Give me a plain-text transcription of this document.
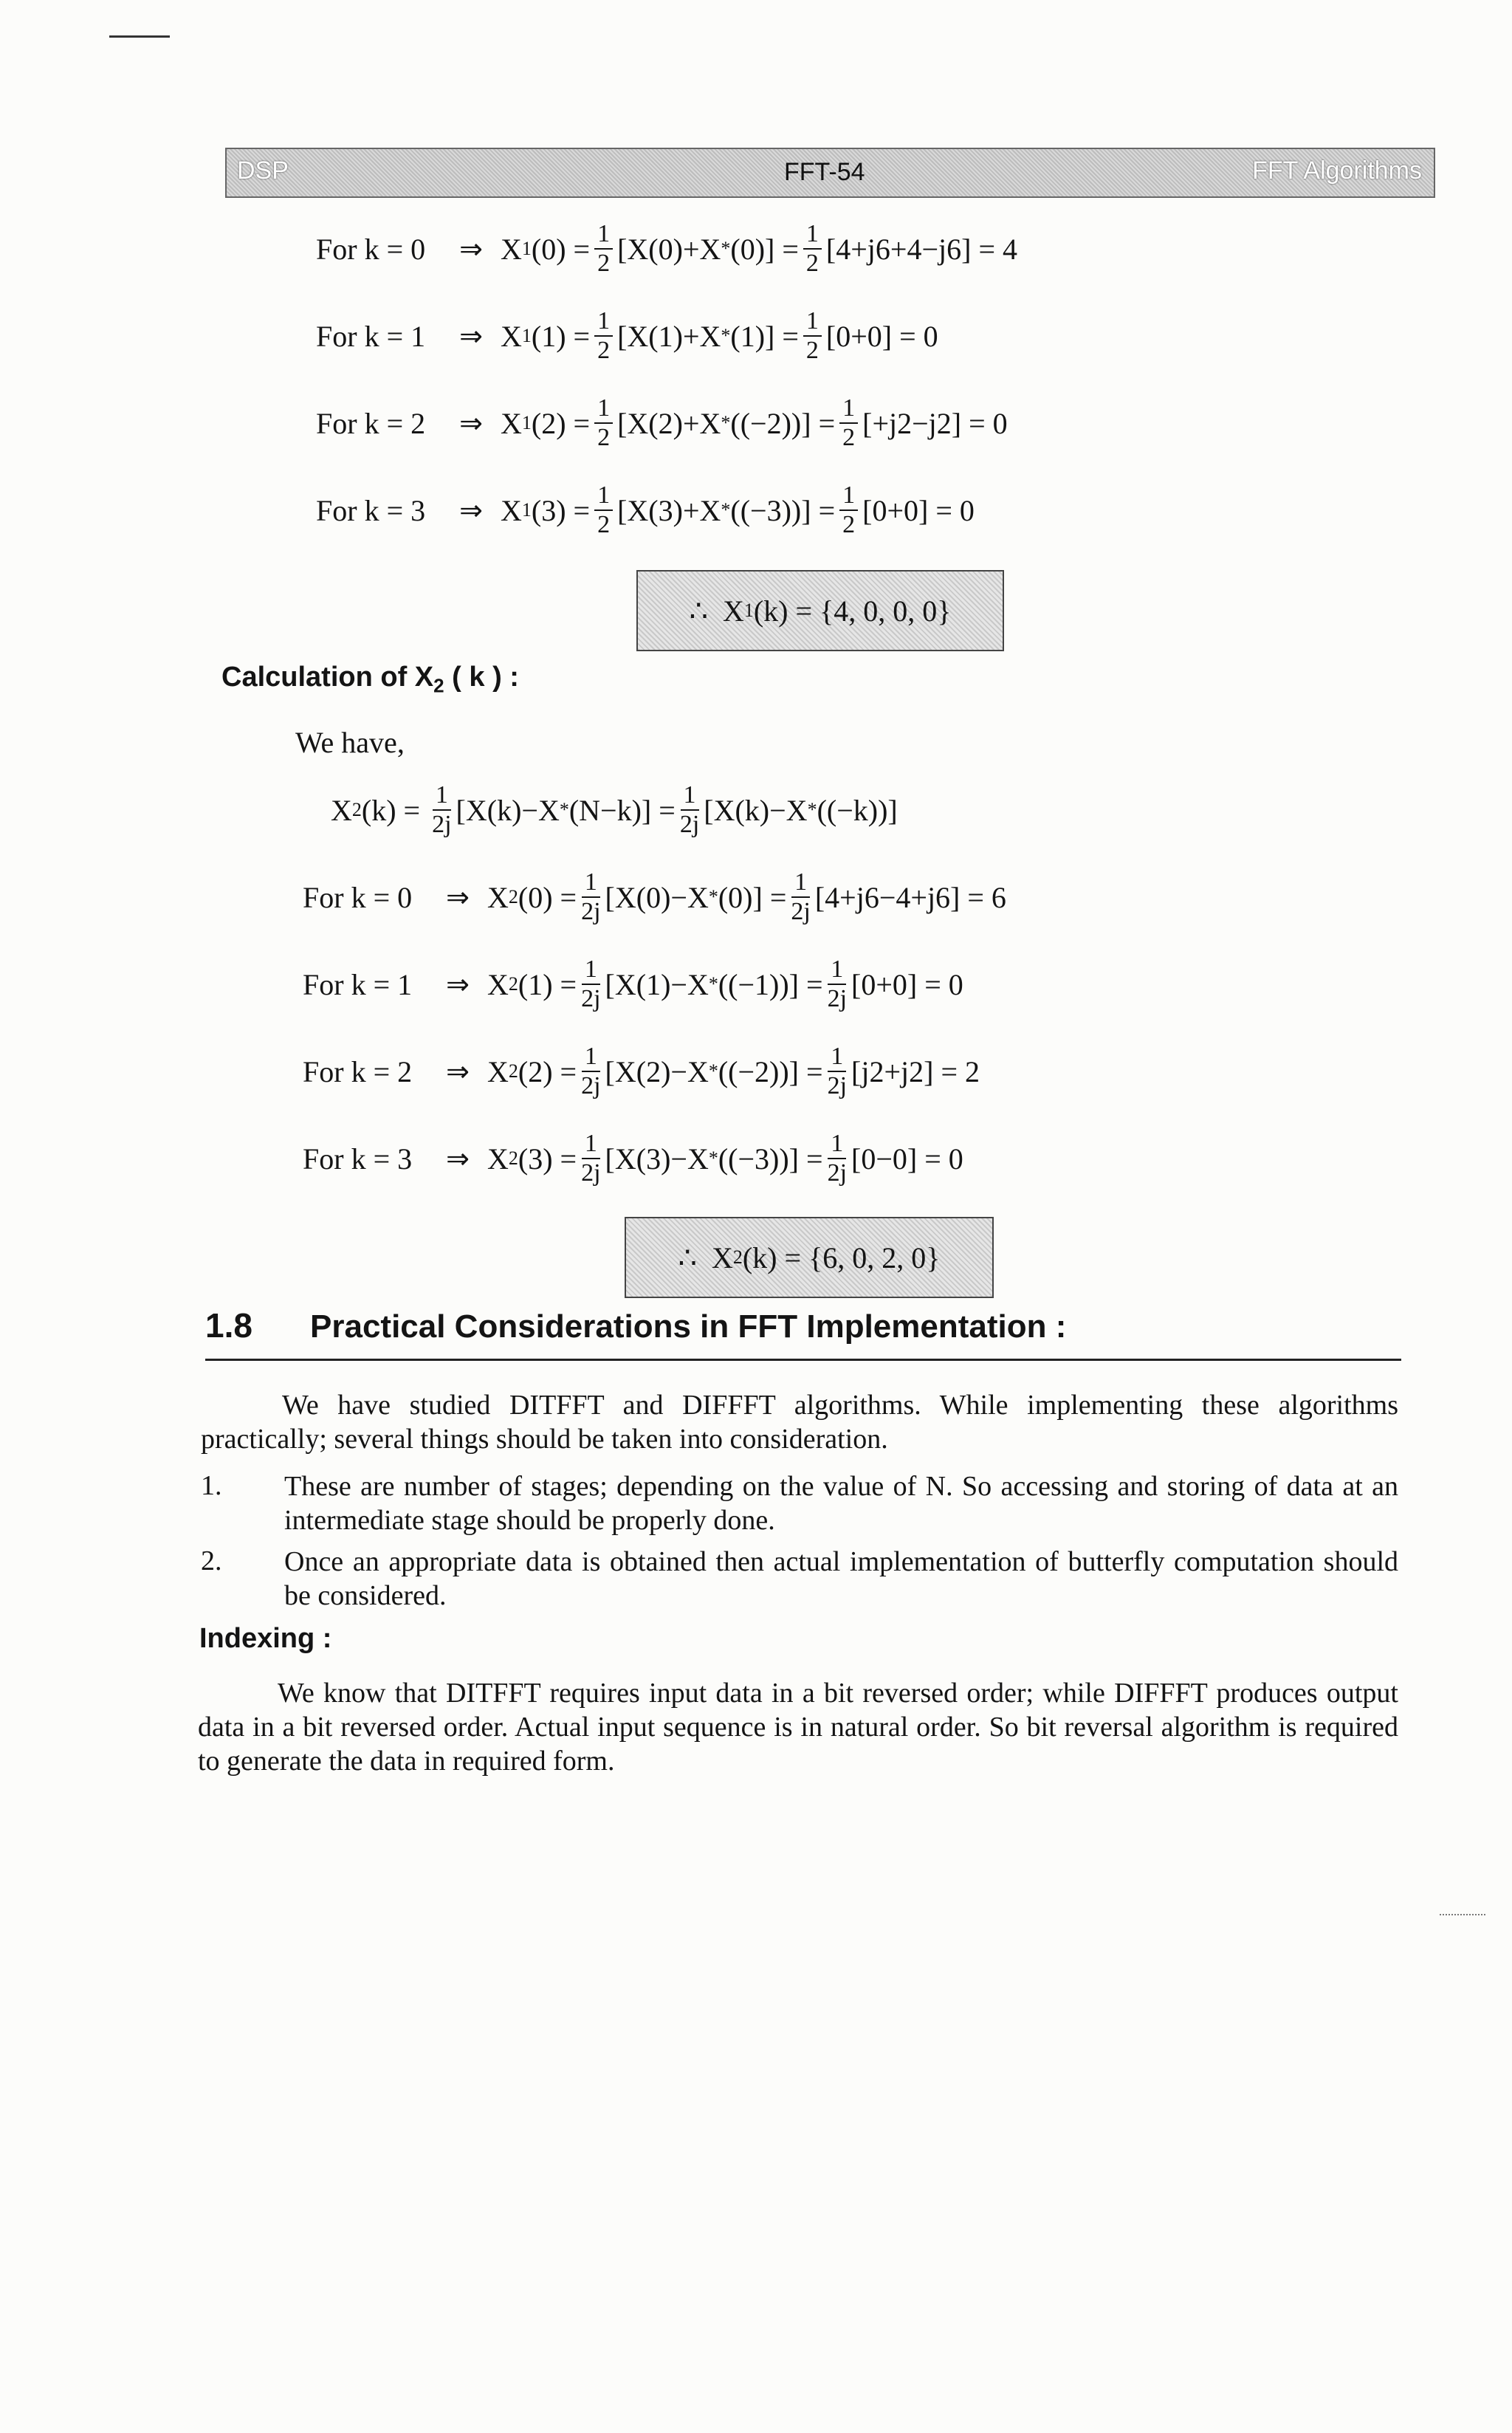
DSP	FFT-54	FFT Algorithms
For k = 0	⇒ X 1 $(0) = \frac{1}{2} [X(0)+X * (0)] = \frac{1}{2} [4+j6+4-j6] = 4$
For k = 1	⇒ X 1 $(1) = \frac{1}{2} [X(1)+X * (1)] = \frac{1}{2} [0+0] = 0$
For k = 2	⇒ X 1 $(2) = \frac{1}{2} [X(2)+X * ((-2))] = \frac{1}{2} [+j2-j2] = 0$
For k = 3	⇒ X 1 $(3) = \frac{1}{2} [X(3)+X * ((-3))] = \frac{1}{2} [0+0] = 0$
∴
X 1 (k) =
{4, 0, 0, 0}
Calculation of $X_2$ ( k ) :
We have,
X 2 (k) =
$\frac{1}{2j} [X(k)-X * (N-k)] = \frac{1}{2j} [X(k)-X * ((-k))]$
For k = 0	⇒ X 2 $(0) = \frac{1}{2j} [X(0)-X * (0)] = \frac{1}{2j} [4+j6-4+j6] = 6$
For k = 1	⇒ X 2 $(1) = \frac{1}{2j} [X(1)-X * ((-1))] = \frac{1}{2j} [0+0] = 0$
For k = 2	⇒ X 2 $(2) = \frac{1}{2j} [X(2)-X * ((-2))] = \frac{1}{2j} [j2+j2] = 2$
For k = 3	⇒ X 2 $(3) = \frac{1}{2j} [X(3)-X * ((-3))] = \frac{1}{2j} [0-0] = 0$
∴
X 2 (k) =
{6, 0, 2, 0}
1.8 Practical Considerations in FFT Implementation :
We have studied DITFFT and DIFFFT algorithms. While implementing these algorithms practically; several things should be taken into consideration.
1. These are number of stages; depending on the value of N. So accessing and storing of data at an intermediate stage should be properly done.
2. Once an appropriate data is obtained then actual implementation of butterfly computation should be considered.
Indexing :
We know that DITFFT requires input data in a bit reversed order; while DIFFFT produces output data in a bit reversed order. Actual input sequence is in natural order. So bit reversal algorithm is required to generate the data in required form.
